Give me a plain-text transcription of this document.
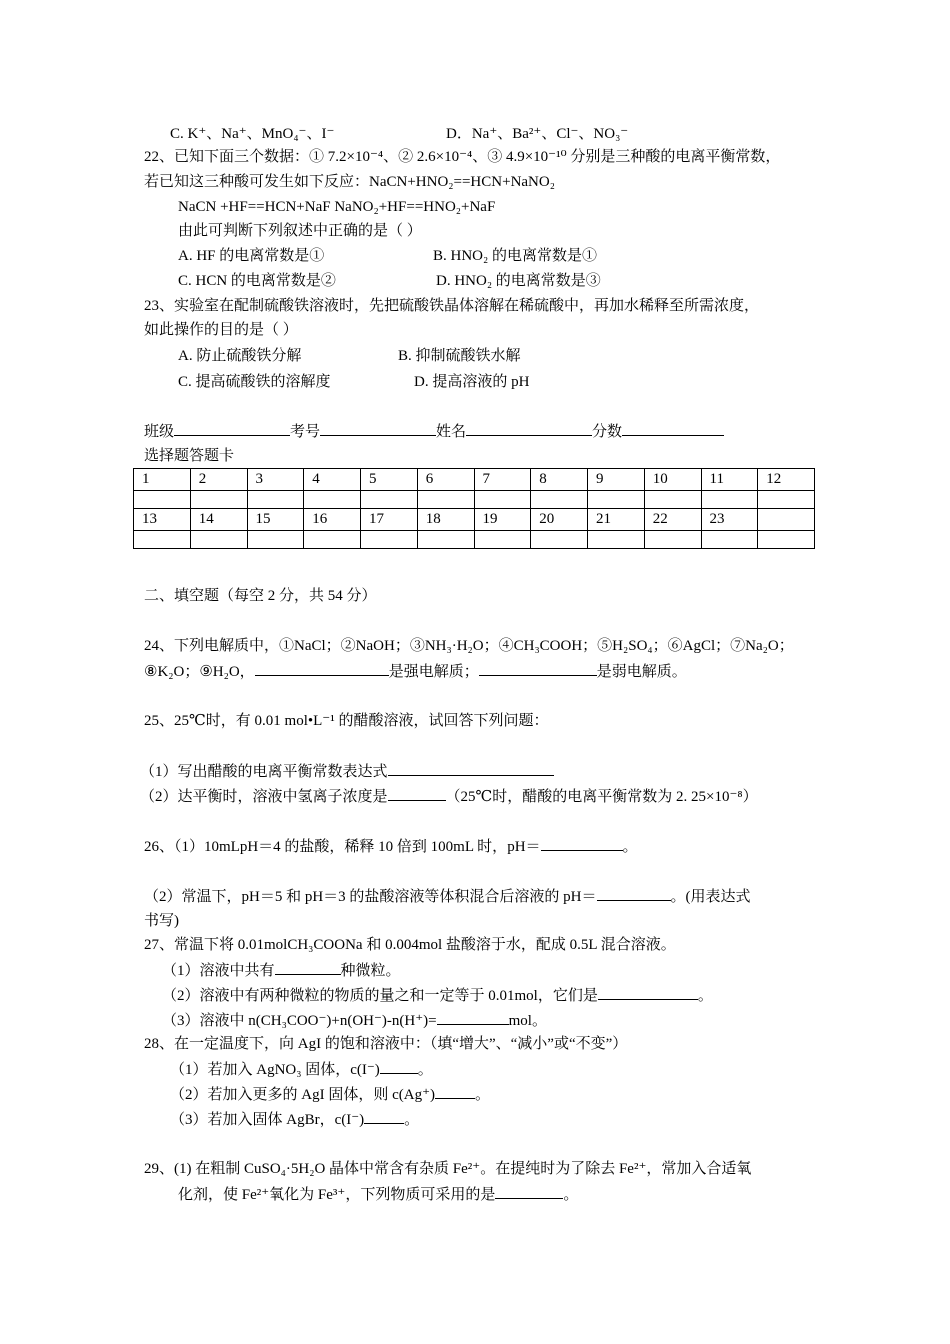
C. K⁺、Na⁺、MnO₄⁻、I⁻	D．Na⁺、Ba²⁺、Cl⁻、NO₃⁻
22、已知下面三个数据：① 7.2×10⁻⁴、② 2.6×10⁻⁴、③ 4.9×10⁻¹⁰ 分别是三种酸的电离平衡常数，
若已知这三种酸可发生如下反应：NaCN+HNO₂==HCN+NaNO₂
NaCN +HF==HCN+NaF NaNO₂+HF==HNO₂+NaF
由此可判断下列叙述中正确的是（ ）
A. HF 的电离常数是①	B. HNO₂ 的电离常数是①
C. HCN 的电离常数是②	D. HNO₂ 的电离常数是③
23、实验室在配制硫酸铁溶液时，先把硫酸铁晶体溶解在稀硫酸中，再加水稀释至所需浓度，
如此操作的目的是（ ）
A. 防止硫酸铁分解	B. 抑制硫酸铁水解
C. 提高硫酸铁的溶解度	D. 提高溶液的 pH
班级	考号	姓名	分数
选择题答题卡
1	2	3	4	5	6	7	8	9	10	11	12

13	14	15	16	17	18	19	20	21	22	23	

二、填空题（每空 2 分，共 54 分）
24、下列电解质中，①NaCl；②NaOH；③NH₃·H₂O；④CH₃COOH；⑤H₂SO₄；⑥AgCl；⑦Na₂O；
⑧K₂O；⑨H₂O，	是强电解质；	是弱电解质。
25、25℃时，有 0.01 mol•L⁻¹ 的醋酸溶液，试回答下列问题：
（1）写出醋酸的电离平衡常数表达式
（2）达平衡时，溶液中氢离子浓度是	（25℃时，醋酸的电离平衡常数为 2. 25×10⁻⁸）
26、（1）10mLpH＝4 的盐酸，稀释 10 倍到 100mL 时，pH＝	。
（2）常温下，pH＝5 和 pH＝3 的盐酸溶液等体积混合后溶液的 pH＝	。(用表达式
书写)
27、常温下将 0.01molCH₃COONa 和 0.004mol 盐酸溶于水，配成 0.5L 混合溶液。
（1）溶液中共有	种微粒。
（2）溶液中有两种微粒的物质的量之和一定等于 0.01mol，它们是	。
（3）溶液中 n(CH₃COO⁻)+n(OH⁻)-n(H⁺)=	mol。
28、在一定温度下，向 AgI 的饱和溶液中：（填“增大”、“减小”或“不变”）
（1）若加入 AgNO₃ 固体，c(I⁻)	。
（2）若加入更多的 AgI 固体，则 c(Ag⁺)	。
（3）若加入固体 AgBr，c(I⁻)	。
29、(1) 在粗制 CuSO₄·5H₂O 晶体中常含有杂质 Fe²⁺。在提纯时为了除去 Fe²⁺，常加入合适氧
化剂，使 Fe²⁺氧化为 Fe³⁺，下列物质可采用的是	。
